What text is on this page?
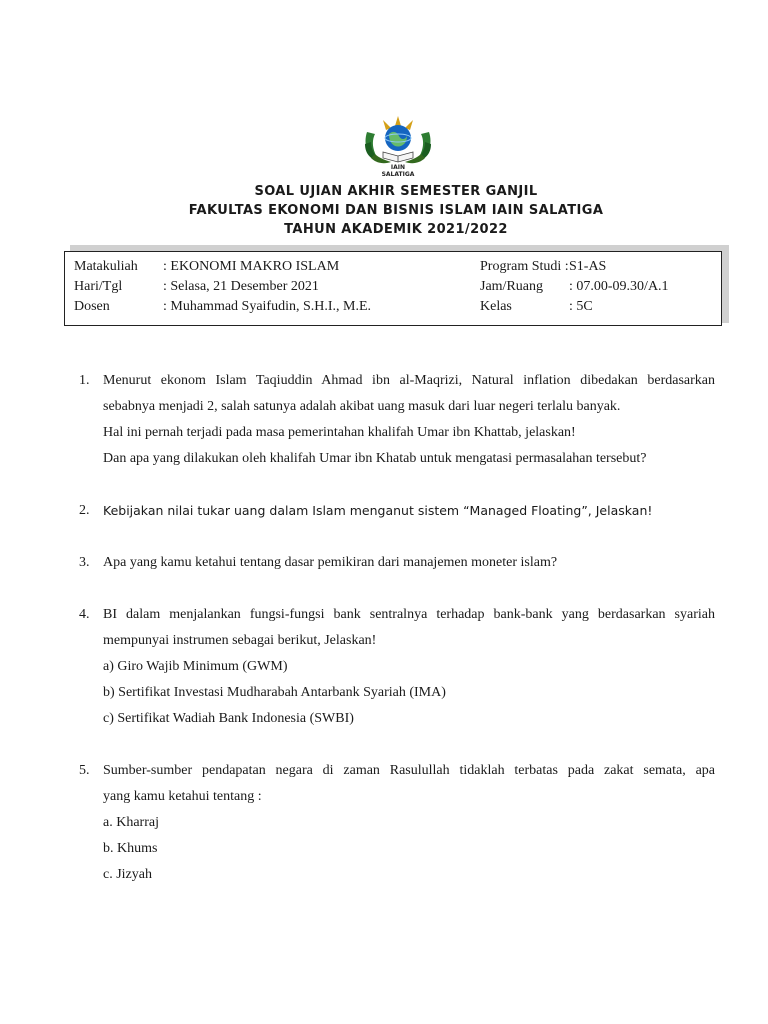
IAIN
SALATIGA
SOAL UJIAN AKHIR SEMESTER GANJIL
FAKULTAS EKONOMI DAN BISNIS ISLAM IAIN SALATIGA
TAHUN AKADEMIK 2021/2022
Matakuliah : EKONOMI MAKRO ISLAM	Program Studi : S1-AS
Hari/Tgl	: Selasa, 21 Desember 2021	Jam/Ruang : 07.00-09.30/A.1
Dosen	: Muhammad Syaifudin, S.H.I., M.E.	Kelas	: 5C
1. Menurut ekonom Islam Taqiuddin Ahmad ibn al-Maqrizi, Natural inflation dibedakan berdasarkan
sebabnya menjadi 2, salah satunya adalah akibat uang masuk dari luar negeri terlalu banyak.
Hal ini pernah terjadi pada masa pemerintahan khalifah Umar ibn Khattab, jelaskan!
Dan apa yang dilakukan oleh khalifah Umar ibn Khatab untuk mengatasi permasalahan tersebut?
2. Kebijakan nilai tukar uang dalam Islam menganut sistem “Managed Floating”, Jelaskan!
3. Apa yang kamu ketahui tentang dasar pemikiran dari manajemen moneter islam?
4. BI dalam menjalankan fungsi-fungsi bank sentralnya terhadap bank-bank yang berdasarkan syariah
mempunyai instrumen sebagai berikut, Jelaskan!
a) Giro Wajib Minimum (GWM)
b) Sertifikat Investasi Mudharabah Antarbank Syariah (IMA)
c) Sertifikat Wadiah Bank Indonesia (SWBI)
5. Sumber-sumber pendapatan negara di zaman Rasulullah tidaklah terbatas pada zakat semata, apa
yang kamu ketahui tentang :
a. Kharraj
b. Khums
c. Jizyah
